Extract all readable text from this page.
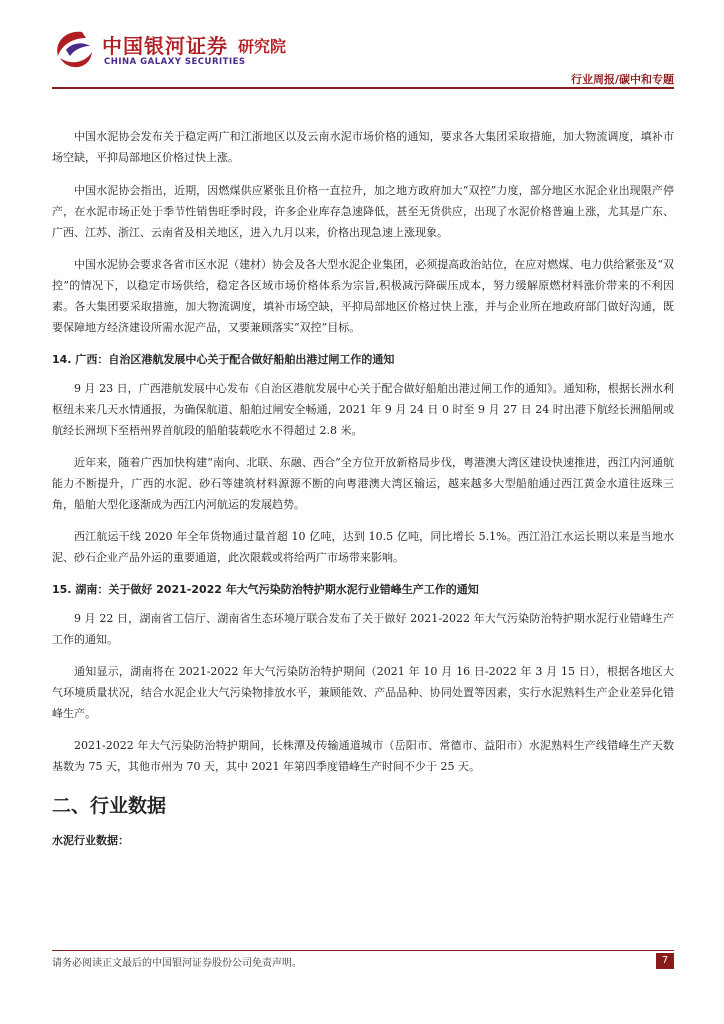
中国银河证券
CHINA GALAXY SECURITIES
研究院
行业周报/碳中和专题

中国水泥协会发布关于稳定两广和江浙地区以及云南水泥市场价格的通知，要求各大集团采取措施，加大物流调度，填补市场空缺，平抑局部地区价格过快上涨。

中国水泥协会指出，近期，因燃煤供应紧张且价格一直拉升，加之地方政府加大“双控”力度，部分地区水泥企业出现限产停产，在水泥市场正处于季节性销售旺季时段，许多企业库存急速降低，甚至无货供应，出现了水泥价格普遍上涨，尤其是广东、广西、江苏、浙江、云南省及相关地区，进入九月以来，价格出现急速上涨现象。

中国水泥协会要求各省市区水泥（建材）协会及各大型水泥企业集团，必须提高政治站位，在应对燃煤、电力供给紧张及“双控”的情况下，以稳定市场供给，稳定各区域市场价格体系为宗旨,积极减污降碳压成本，努力缓解原燃材料涨价带来的不利因素。各大集团要采取措施，加大物流调度，填补市场空缺，平抑局部地区价格过快上涨，并与企业所在地政府部门做好沟通，既要保障地方经济建设所需水泥产品，又要兼顾落实“双控”目标。

14. 广西：自治区港航发展中心关于配合做好船舶出港过闸工作的通知

9 月 23 日，广西港航发展中心发布《自治区港航发展中心关于配合做好船舶出港过闸工作的通知》。通知称，根据长洲水利枢纽未来几天水情通报，为确保航道、船舶过闸安全畅通，2021 年 9 月 24 日 0 时至 9 月 27 日 24 时出港下航经长洲船闸或航经长洲坝下至梧州界首航段的船舶装载吃水不得超过 2.8 米。

近年来，随着广西加快构建“南向、北联、东融、西合”全方位开放新格局步伐，粤港澳大湾区建设快速推进，西江内河通航能力不断提升，广西的水泥、砂石等建筑材料源源不断的向粤港澳大湾区输运，越来越多大型船舶通过西江黄金水道往返珠三角，船舶大型化逐渐成为西江内河航运的发展趋势。

西江航运干线 2020 年全年货物通过量首超 10 亿吨，达到 10.5 亿吨，同比增长 5.1%。西江沿江水运长期以来是当地水泥、砂石企业产品外运的重要通道，此次限载或将给两广市场带来影响。

15. 湖南：关于做好 2021-2022 年大气污染防治特护期水泥行业错峰生产工作的通知

9 月 22 日，湖南省工信厅、湖南省生态环境厅联合发布了关于做好 2021-2022 年大气污染防治特护期水泥行业错峰生产工作的通知。

通知显示，湖南将在 2021-2022 年大气污染防治特护期间（2021 年 10 月 16 日-2022 年 3 月 15 日），根据各地区大气环境质量状况，结合水泥企业大气污染物排放水平，兼顾能效、产品品种、协同处置等因素，实行水泥熟料生产企业差异化错峰生产。

2021-2022 年大气污染防治特护期间，长株潭及传输通道城市（岳阳市、常德市、益阳市）水泥熟料生产线错峰生产天数基数为 75 天，其他市州为 70 天，其中 2021 年第四季度错峰生产时间不少于 25 天。

二、行业数据
水泥行业数据：
请务必阅读正文最后的中国银河证券股份公司免责声明。	7
